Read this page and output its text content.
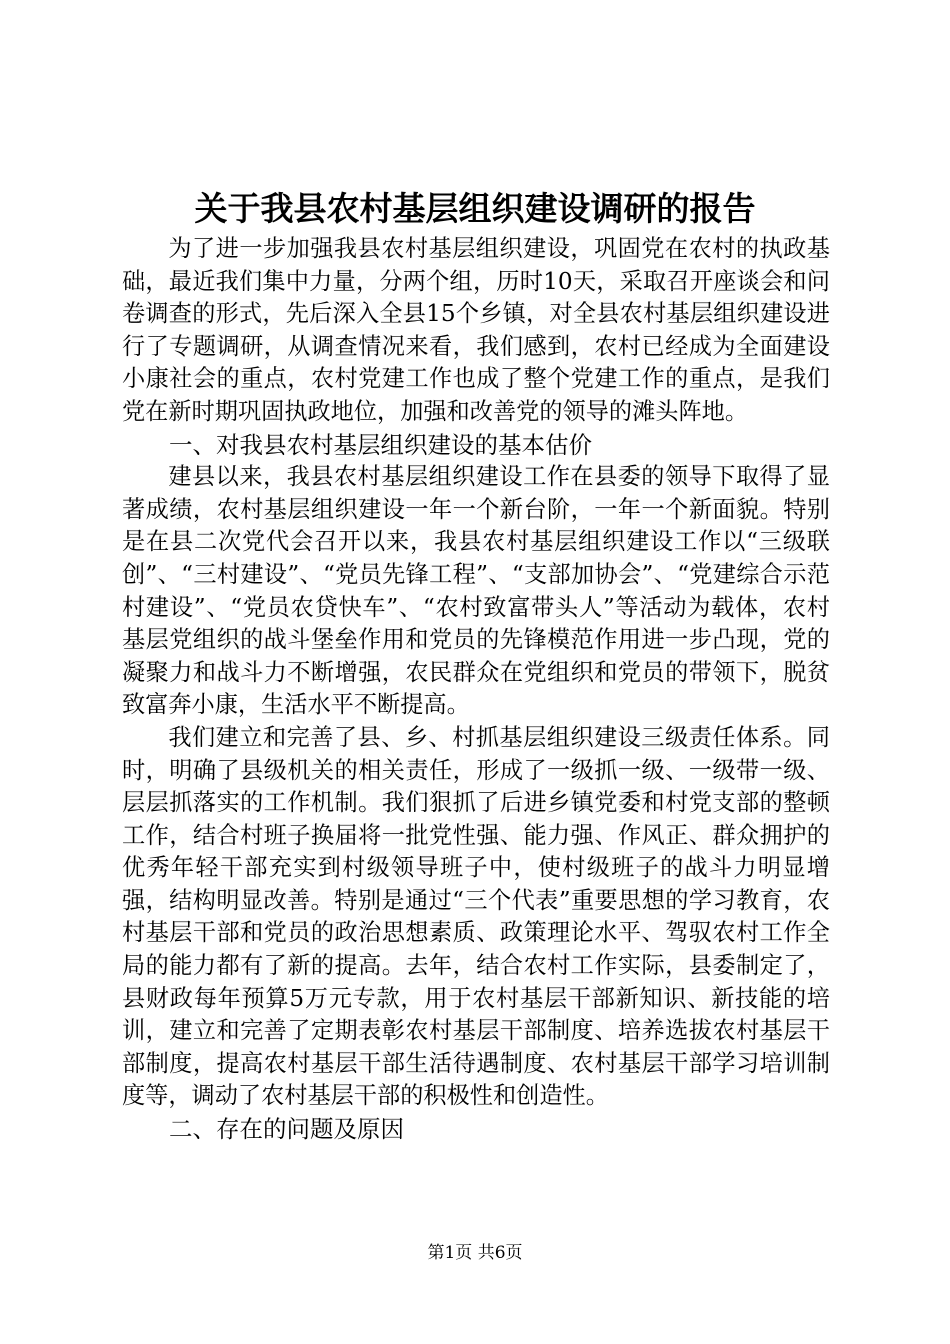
关于我县农村基层组织建设调研的报告

为了进一步加强我县农村基层组织建设，巩固党在农村的执政基础，最近我们集中力量，分两个组，历时10天，采取召开座谈会和问卷调查的形式，先后深入全县15个乡镇，对全县农村基层组织建设进行了专题调研，从调查情况来看，我们感到，农村已经成为全面建设小康社会的重点，农村党建工作也成了整个党建工作的重点，是我们党在新时期巩固执政地位，加强和改善党的领导的滩头阵地。

一、对我县农村基层组织建设的基本估价

建县以来，我县农村基层组织建设工作在县委的领导下取得了显著成绩，农村基层组织建设一年一个新台阶，一年一个新面貌。特别是在县二次党代会召开以来，我县农村基层组织建设工作以“三级联创”、“三村建设”、“党员先锋工程”、“支部加协会”、“党建综合示范村建设”、“党员农贷快车”、“农村致富带头人”等活动为载体，农村基层党组织的战斗堡垒作用和党员的先锋模范作用进一步凸现，党的凝聚力和战斗力不断增强，农民群众在党组织和党员的带领下，脱贫致富奔小康，生活水平不断提高。

我们建立和完善了县、乡、村抓基层组织建设三级责任体系。同时，明确了县级机关的相关责任，形成了一级抓一级、一级带一级、层层抓落实的工作机制。我们狠抓了后进乡镇党委和村党支部的整顿工作，结合村班子换届将一批党性强、能力强、作风正、群众拥护的优秀年轻干部充实到村级领导班子中，使村级班子的战斗力明显增强，结构明显改善。特别是通过“三个代表”重要思想的学习教育，农村基层干部和党员的政治思想素质、政策理论水平、驾驭农村工作全局的能力都有了新的提高。去年，结合农村工作实际，县委制定了，县财政每年预算5万元专款，用于农村基层干部新知识、新技能的培训，建立和完善了定期表彰农村基层干部制度、培养选拔农村基层干部制度，提高农村基层干部生活待遇制度、农村基层干部学习培训制度等，调动了农村基层干部的积极性和创造性。

二、存在的问题及原因

第1页 共6页
